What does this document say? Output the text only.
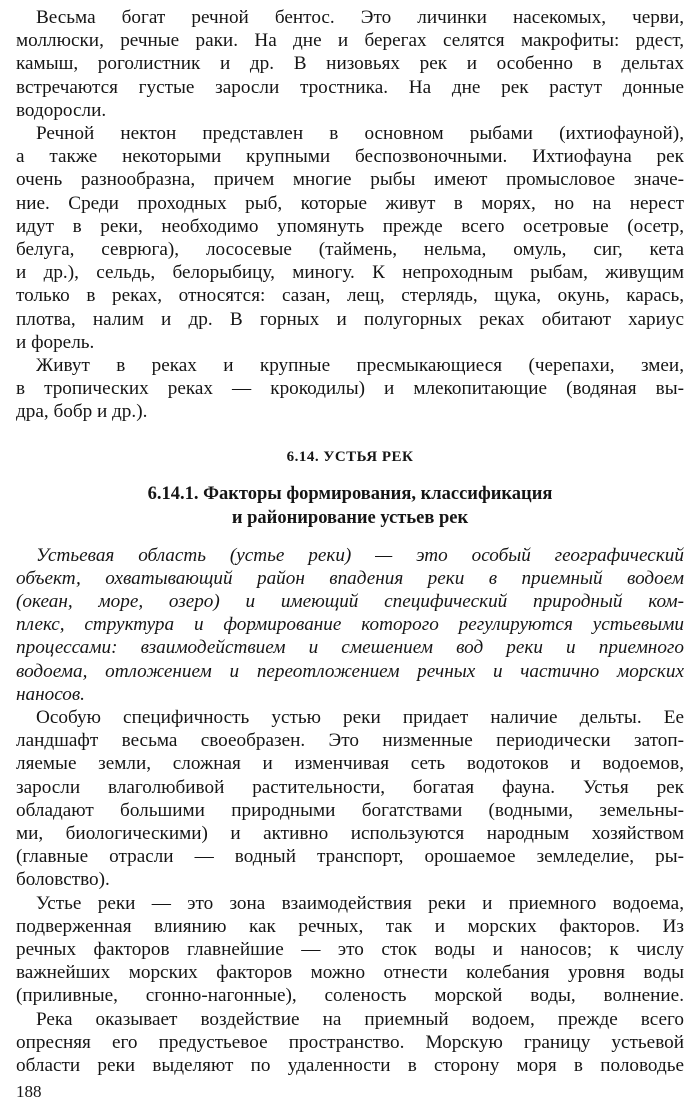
Весьма богат речной бентос. Это личинки насекомых, черви,
моллюски, речные раки. На дне и берегах селятся макрофиты: рдест,
камыш, роголистник и др. В низовьях рек и особенно в дельтах
встречаются густые заросли тростника. На дне рек растут донные
водоросли.
Речной нектон представлен в основном рыбами (ихтиофауной),
а также некоторыми крупными беспозвоночными. Ихтиофауна рек
очень разнообразна, причем многие рыбы имеют промысловое значе-
ние. Среди проходных рыб, которые живут в морях, но на нерест
идут в реки, необходимо упомянуть прежде всего осетровые (осетр,
белуга, севрюга), лососевые (таймень, нельма, омуль, сиг, кета
и др.), сельдь, белорыбицу, миногу. К непроходным рыбам, живущим
только в реках, относятся: сазан, лещ, стерлядь, щука, окунь, карась,
плотва, налим и др. В горных и полугорных реках обитают хариус
и форель.
Живут в реках и крупные пресмыкающиеся (черепахи, змеи,
в тропических реках — крокодилы) и млекопитающие (водяная вы-
дра, бобр и др.).
6.14. УСТЬЯ РЕК
6.14.1. Факторы формирования, классификация
и районирование устьев рек
Устьевая область (устье реки) — это особый географический
объект, охватывающий район впадения реки в приемный водоем
(океан, море, озеро) и имеющий специфический природный ком-
плекс, структура и формирование которого регулируются устьевыми
процессами: взаимодействием и смешением вод реки и приемного
водоема, отложением и переотложением речных и частично морских
наносов.
Особую специфичность устью реки придает наличие дельты. Ее
ландшафт весьма своеобразен. Это низменные периодически затоп-
ляемые земли, сложная и изменчивая сеть водотоков и водоемов,
заросли влаголюбивой растительности, богатая фауна. Устья рек
обладают большими природными богатствами (водными, земельны-
ми, биологическими) и активно используются народным хозяйством
(главные отрасли — водный транспорт, орошаемое земледелие, ры-
боловство).
Устье реки — это зона взаимодействия реки и приемного водоема,
подверженная влиянию как речных, так и морских факторов. Из
речных факторов главнейшие — это сток воды и наносов; к числу
важнейших морских факторов можно отнести колебания уровня воды
(приливные, сгонно-нагонные), соленость морской воды, волнение.
Река оказывает воздействие на приемный водоем, прежде всего
опресняя его предустьевое пространство. Морскую границу устьевой
области реки выделяют по удаленности в сторону моря в половодье
188
